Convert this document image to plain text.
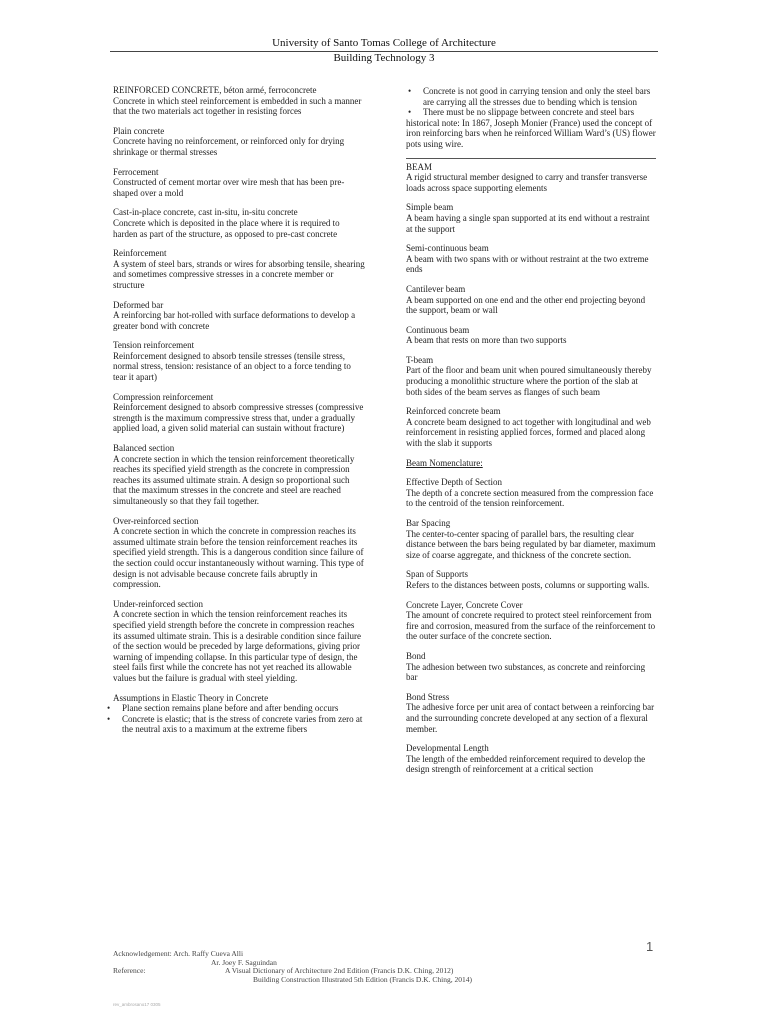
University of Santo Tomas College of Architecture
Building Technology 3
REINFORCED CONCRETE, béton armé, ferroconcrete
Concrete in which steel reinforcement is embedded in such a manner that the two materials act together in resisting forces
Plain concrete
Concrete having no reinforcement, or reinforced only for drying shrinkage or thermal stresses
Ferrocement
Constructed of cement mortar over wire mesh that has been pre-shaped over a mold
Cast-in-place concrete, cast in-situ, in-situ concrete
Concrete which is deposited in the place where it is required to harden as part of the structure, as opposed to pre-cast concrete
Reinforcement
A system of steel bars, strands or wires for absorbing tensile, shearing and sometimes compressive stresses in a concrete member or structure
Deformed bar
A reinforcing bar hot-rolled with surface deformations to develop a greater bond with concrete
Tension reinforcement
Reinforcement designed to absorb tensile stresses (tensile stress, normal stress, tension: resistance of an object to a force tending to tear it apart)
Compression reinforcement
Reinforcement designed to absorb compressive stresses (compressive strength is the maximum compressive stress that, under a gradually applied load, a given solid material can sustain without fracture)
Balanced section
A concrete section in which the tension reinforcement theoretically reaches its specified yield strength as the concrete in compression reaches its assumed ultimate strain. A design so proportional such that the maximum stresses in the concrete and steel are reached simultaneously so that they fail together.
Over-reinforced section
A concrete section in which the concrete in compression reaches its assumed ultimate strain before the tension reinforcement reaches its specified yield strength. This is a dangerous condition since failure of the section could occur instantaneously without warning. This type of design is not advisable because concrete fails abruptly in compression.
Under-reinforced section
A concrete section in which the tension reinforcement reaches its specified yield strength before the concrete in compression reaches its assumed ultimate strain. This is a desirable condition since failure of the section would be preceded by large deformations, giving prior warning of impending collapse. In this particular type of design, the steel fails first while the concrete has not yet reached its allowable values but the failure is gradual with steel yielding.
Assumptions in Elastic Theory in Concrete
• Plane section remains plane before and after bending occurs
• Concrete is elastic; that is the stress of concrete varies from zero at the neutral axis to a maximum at the extreme fibers
• Concrete is not good in carrying tension and only the steel bars are carrying all the stresses due to bending which is tension
• There must be no slippage between concrete and steel bars
historical note: In 1867, Joseph Monier (France) used the concept of iron reinforcing bars when he reinforced William Ward’s (US) flower pots using wire.
BEAM
A rigid structural member designed to carry and transfer transverse loads across space supporting elements
Simple beam
A beam having a single span supported at its end without a restraint at the support
Semi-continuous beam
A beam with two spans with or without restraint at the two extreme ends
Cantilever beam
A beam supported on one end and the other end projecting beyond the support, beam or wall
Continuous beam
A beam that rests on more than two supports
T-beam
Part of the floor and beam unit when poured simultaneously thereby producing a monolithic structure where the portion of the slab at both sides of the beam serves as flanges of such beam
Reinforced concrete beam
A concrete beam designed to act together with longitudinal and web reinforcement in resisting applied forces, formed and placed along with the slab it supports
Beam Nomenclature:
Effective Depth of Section
The depth of a concrete section measured from the compression face to the centroid of the tension reinforcement.
Bar Spacing
The center-to-center spacing of parallel bars, the resulting clear distance between the bars being regulated by bar diameter, maximum size of coarse aggregate, and thickness of the concrete section.
Span of Supports
Refers to the distances between posts, columns or supporting walls.
Concrete Layer, Concrete Cover
The amount of concrete required to protect steel reinforcement from fire and corrosion, measured from the surface of the reinforcement to the outer surface of the concrete section.
Bond
The adhesion between two substances, as concrete and reinforcing bar
Bond Stress
The adhesive force per unit area of contact between a reinforcing bar and the surrounding concrete developed at any section of a flexural member.
Developmental Length
The length of the embedded reinforcement required to develop the design strength of reinforcement at a critical section
1
Acknowledgement: Arch. Raffy Cueva Alli
Ar. Joey F. Saguindan
Reference:	A Visual Dictionary of Architecture 2nd Edition (Francis D.K. Ching, 2012)
Building Construction Illustrated 5th Edition (Francis D.K. Ching, 2014)
rev_ambrosano17 0305
